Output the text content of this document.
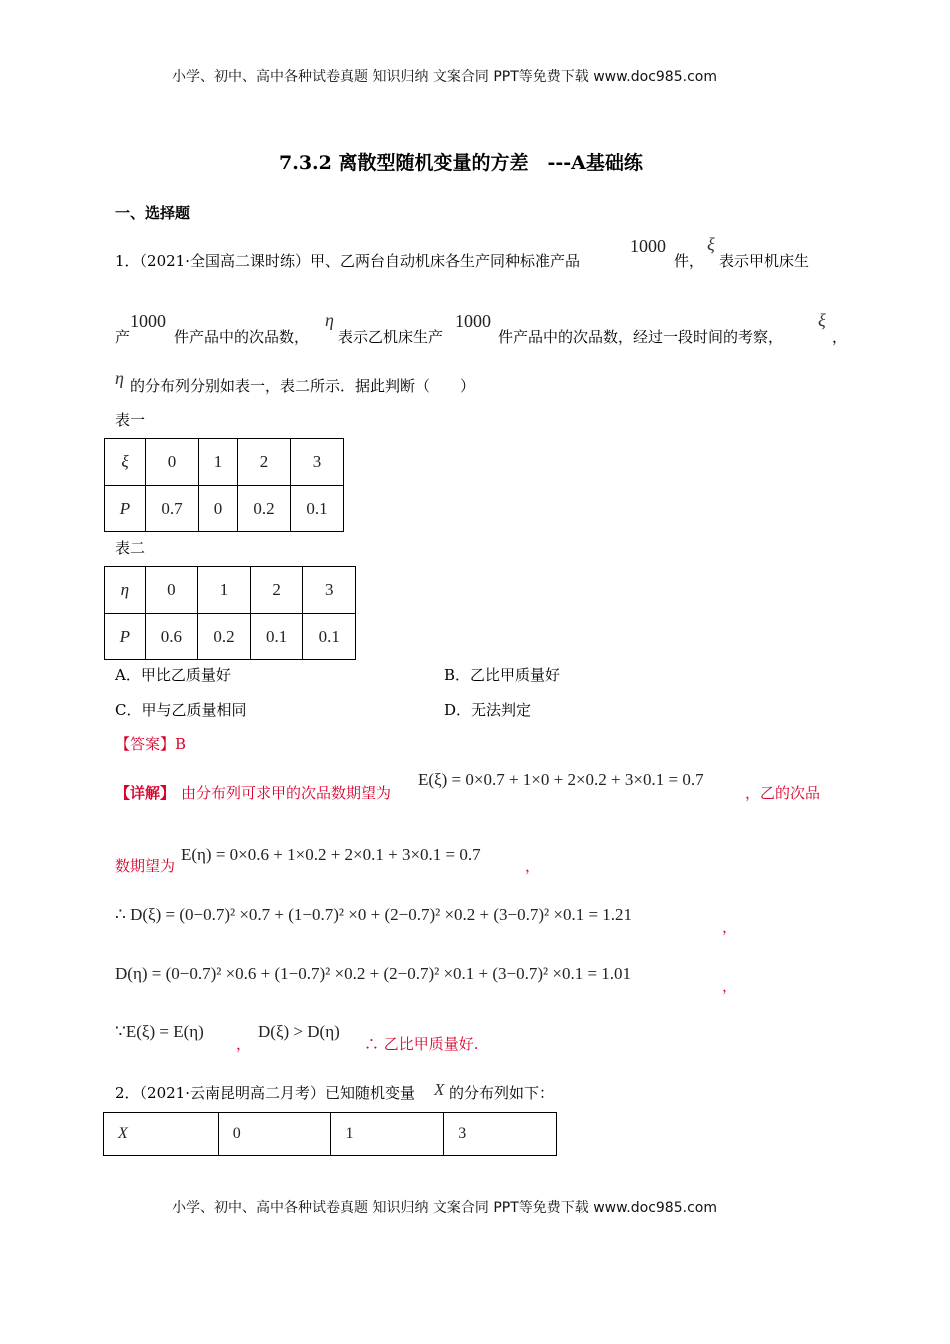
小学、初中、高中各种试卷真题 知识归纳 文案合同 PPT等免费下载 www.doc985.com
7.3.2 离散型随机变量的方差　---A基础练
一、选择题
1．（2021·全国高二课时练）甲、乙两台自动机床各生产同种标准产品
1000
件，
ξ
表示甲机床生
产
1000
件产品中的次品数，
η
表示乙机床生产
1000
件产品中的次品数，经过一段时间的考察，
ξ
，
η 的分布列分别如表一，表二所示．据此判断（　　）
表一
ξ	0	1	2	3
P	0.7	0	0.2	0.1
表二
η	0	1	2	3
P	0.6	0.2	0.1	0.1
A．甲比乙质量好	B．乙比甲质量好
C．甲与乙质量相同	D．无法判定
【答案】B
【详解】 由分布列可求甲的次品数期望为
E(ξ) = 0×0.7 + 1×0 + 2×0.2 + 3×0.1 = 0.7
，乙的次品
数期望为
E(η) = 0×0.6 + 1×0.2 + 2×0.1 + 3×0.1 = 0.7
，
∴ D(ξ) = (0−0.7)² ×0.7 + (1−0.7)² ×0 + (2−0.7)² ×0.2 + (3−0.7)² ×0.1 = 1.21
，
D(η) = (0−0.7)² ×0.6 + (1−0.7)² ×0.2 + (2−0.7)² ×0.1 + (3−0.7)² ×0.1 = 1.01
，
∵E(ξ) = E(η)
，
D(ξ) > D(η)
∴ 乙比甲质量好.
2．（2021·云南昆明高二月考）已知随机变量 X 的分布列如下：
X	0	1	3
小学、初中、高中各种试卷真题 知识归纳 文案合同 PPT等免费下载 www.doc985.com
